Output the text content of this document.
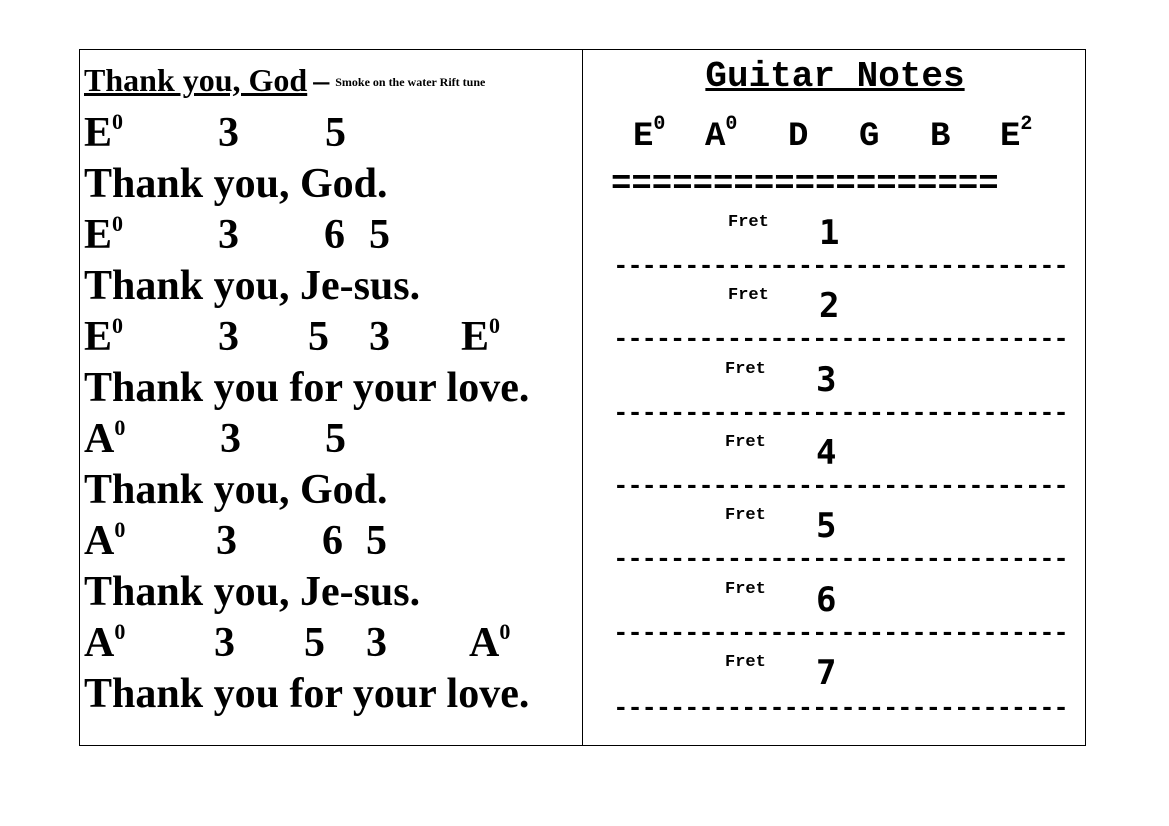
Thank you, God – $^{Smoke on the water Rift tune}$
$E^0$ 3 5
Thank you, God.
$E^0$ 3 6 5
Thank you, Je-sus.
$E^0$ 3 5 3 $E^0$
Thank you for your love.
$A^0$ 3 5
Thank you, God.
$A^0$ 3 6 5
Thank you, Je-sus.
$A^0$ 3 5 3 $A^0$
Thank you for your love.
Guitar Notes
$E^0$ $A^0$ D G B $E^2$
===================
Fret 1
--------------------------------
Fret 2
--------------------------------
Fret 3
--------------------------------
Fret 4
--------------------------------
Fret 5
--------------------------------
Fret 6
--------------------------------
Fret 7
--------------------------------
